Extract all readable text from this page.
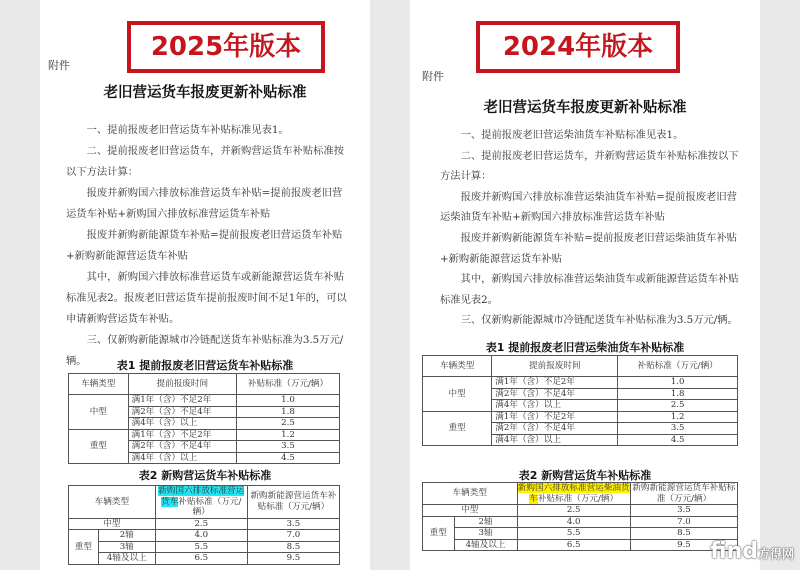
2025年版本
附件
老旧营运货车报废更新补贴标准

一、提前报废老旧营运货车补贴标准见表1。

二、提前报废老旧营运货车，并新购营运货车补贴标准按以下方法计算：

报废并新购国六排放标准营运货车补贴=提前报废老旧营运货车补贴+新购国六排放标准营运货车补贴

报废并新购新能源货车补贴=提前报废老旧营运货车补贴+新购新能源营运货车补贴

其中，新购国六排放标准营运货车或新能源营运货车补贴标准见表2。报废老旧营运货车提前报废时间不足1年的，可以申请新购营运货车补贴。

三、仅新购新能源城市冷链配送货车补贴标准为3.5万元/辆。	表1 提前报废老旧营运货车补贴标准
车辆类型	提前报废时间	补贴标准（万元/辆）
中型	满1年（含）不足2年	1.0
	满2年（含）不足4年	1.8
	满4年（含）以上	2.5
重型	满1年（含）不足2年	1.2
	满2年（含）不足4年	3.5
	满4年（含）以上	4.5
表2 新购营运货车补贴标准
车辆类型		新购国六排放标准营运货车补贴标准（万元/辆）	新购新能源营运货车补贴标准（万元/辆）
中型		2.5	3.5
重型	2轴	4.0	7.0
	3轴	5.5	8.5
	4轴及以上	6.5	9.5
2024年版本
附件
老旧营运货车报废更新补贴标准

一、提前报废老旧营运柴油货车补贴标准见表1。

二、提前报废老旧营运货车，并新购营运货车补贴标准按以下方法计算：

报废并新购国六排放标准营运柴油货车补贴=提前报废老旧营运柴油货车补贴+新购国六排放标准营运货车补贴

报废并新购新能源货车补贴=提前报废老旧营运柴油货车补贴+新购新能源营运货车补贴

其中，新购国六排放标准营运柴油货车或新能源营运货车补贴标准见表2。

三、仅新购新能源城市冷链配送货车补贴标准为3.5万元/辆。

表1 提前报废老旧营运柴油货车补贴标准
车辆类型	提前报废时间	补贴标准（万元/辆）
中型	满1年（含）不足2年	1.0
	满2年（含）不足4年	1.8
	满4年（含）以上	2.5
重型	满1年（含）不足2年	1.2
	满2年（含）不足4年	3.5
	满4年（含）以上	4.5
表2 新购营运货车补贴标准
车辆类型		新购国六排放标准营运柴油货车补贴标准（万元/辆）	新购新能源营运货车补贴标准（万元/辆）
中型		2.5	3.5
重型	2轴	4.0	7.0
	3轴	5.5	8.5
	4轴及以上	6.5	9.5 find方得网
